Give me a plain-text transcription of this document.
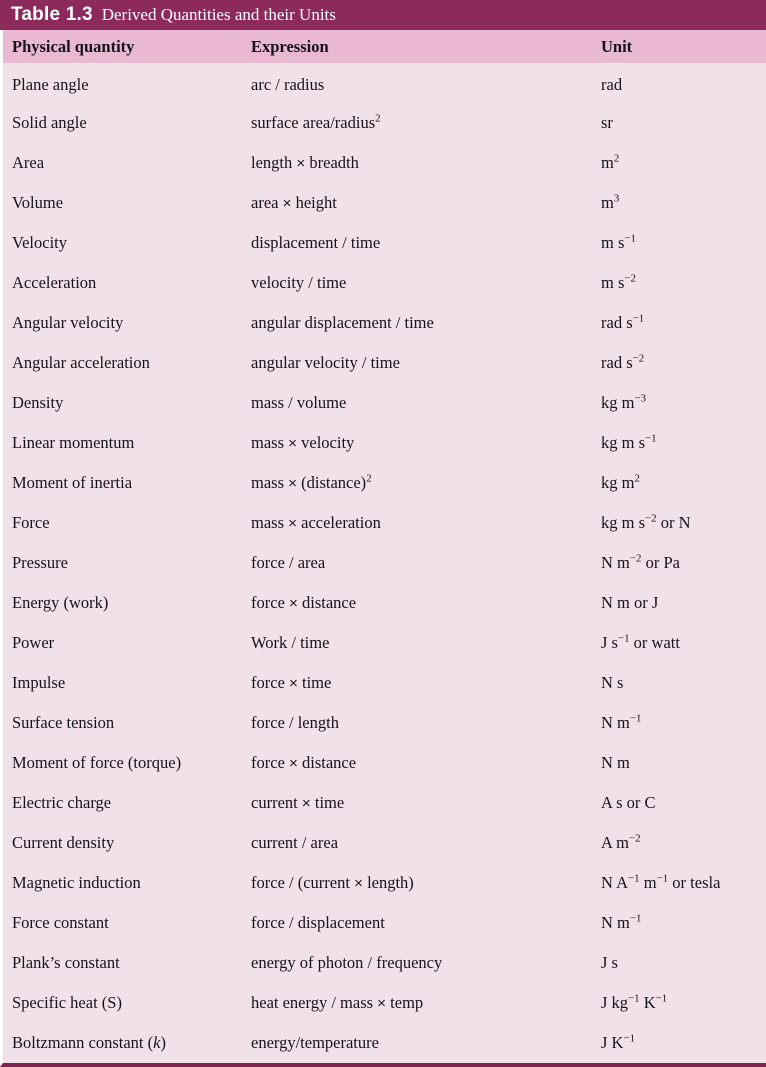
Table 1.3 Derived Quantities and their Units
Physical quantity	Expression	Unit
Plane angle	arc / radius	rad
Solid angle	surface area/radius$^2$	sr
Area	length × breadth	$m^2$
Volume	area × height	$m^3$
Velocity	displacement / time	m $s^{-1}$
Acceleration	velocity / time	m $s^{-2}$
Angular velocity	angular displacement / time	rad $s^{-1}$
Angular acceleration	angular velocity / time	rad $s^{-2}$
Density	mass / volume	kg $m^{-3}$
Linear momentum	mass × velocity	kg m $s^{-1}$
Moment of inertia	mass × (distance)$^2$	kg $m^2$
Force	mass × acceleration	kg m $s^{-2}$ or N
Pressure	force / area	N $m^{-2}$ or Pa
Energy (work)	force × distance	N m or J
Power	Work / time	J $s^{-1}$ or watt
Impulse	force × time	N s
Surface tension	force / length	N $m^{-1}$
Moment of force (torque)	force × distance	N m
Electric charge	current × time	A s or C
Current density	current / area	A $m^{-2}$
Magnetic induction	force / (current × length)	N $A^{-1}$ $m^{-1}$ or tesla
Force constant	force / displacement	N $m^{-1}$
Plank’s constant	energy of photon / frequency	J s
Specific heat (S)	heat energy / mass × temp	J $kg^{-1}$ $K^{-1}$
Boltzmann constant (k)	energy/temperature	J $K^{-1}$
